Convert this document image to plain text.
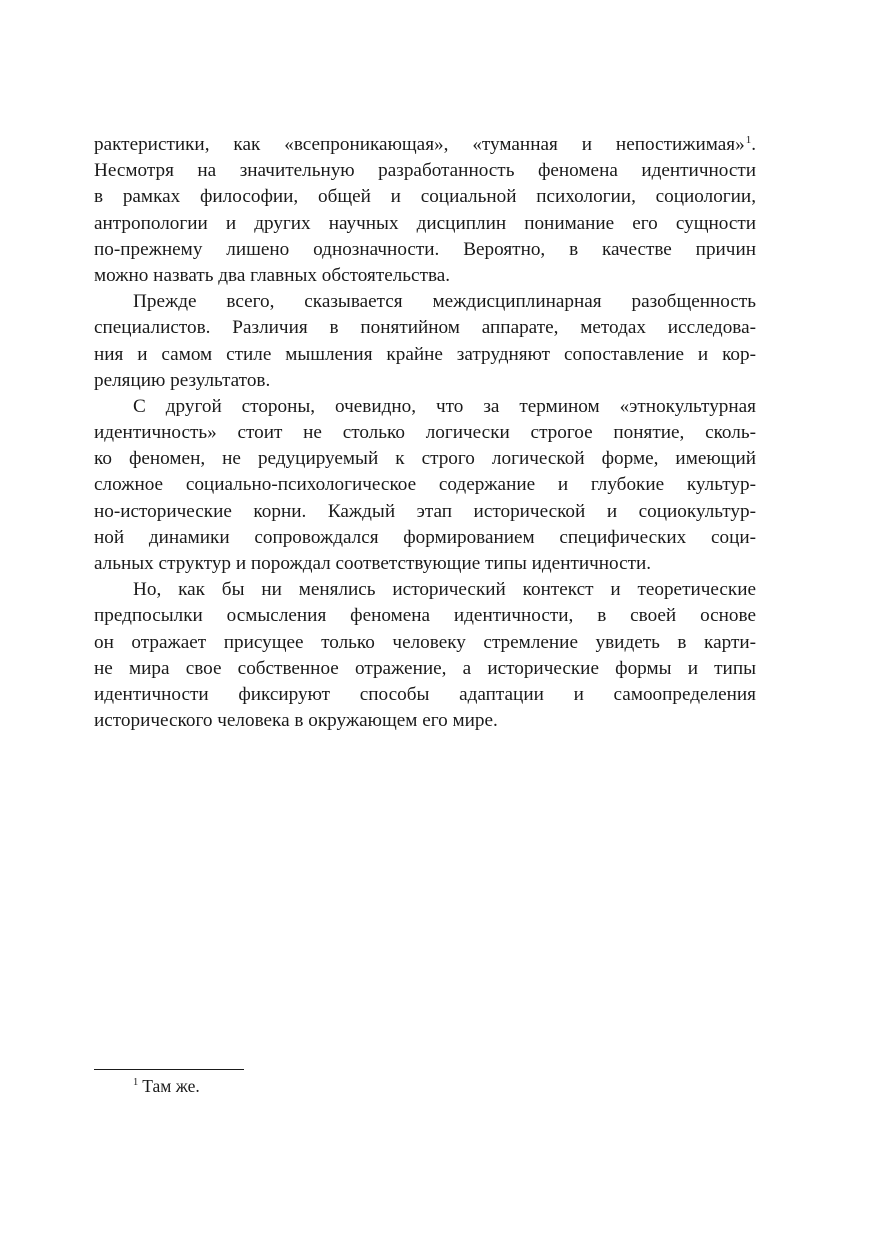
рактеристики, как «всепроникающая», «туманная и непостижимая»$^1$.
Несмотря на значительную разработанность феномена идентичности
в рамках философии, общей и социальной психологии, социологии,
антропологии и других научных дисциплин понимание его сущности
по-прежнему лишено однозначности. Вероятно, в качестве причин
можно назвать два главных обстоятельства.
Прежде всего, сказывается междисциплинарная разобщенность
специалистов. Различия в понятийном аппарате, методах исследова-
ния и самом стиле мышления крайне затрудняют сопоставление и кор-
реляцию результатов.
С другой стороны, очевидно, что за термином «этнокультурная
идентичность» стоит не столько логически строгое понятие, сколь-
ко феномен, не редуцируемый к строго логической форме, имеющий
сложное социально-психологическое содержание и глубокие культур-
но-исторические корни. Каждый этап исторической и социокультур-
ной динамики сопровождался формированием специфических соци-
альных структур и порождал соответствующие типы идентичности.
Но, как бы ни менялись исторический контекст и теоретические
предпосылки осмысления феномена идентичности, в своей основе
он отражает присущее только человеку стремление увидеть в карти-
не мира свое собственное отражение, а исторические формы и типы
идентичности фиксируют способы адаптации и самоопределения
исторического человека в окружающем его мире.
$^1$ Там же.
